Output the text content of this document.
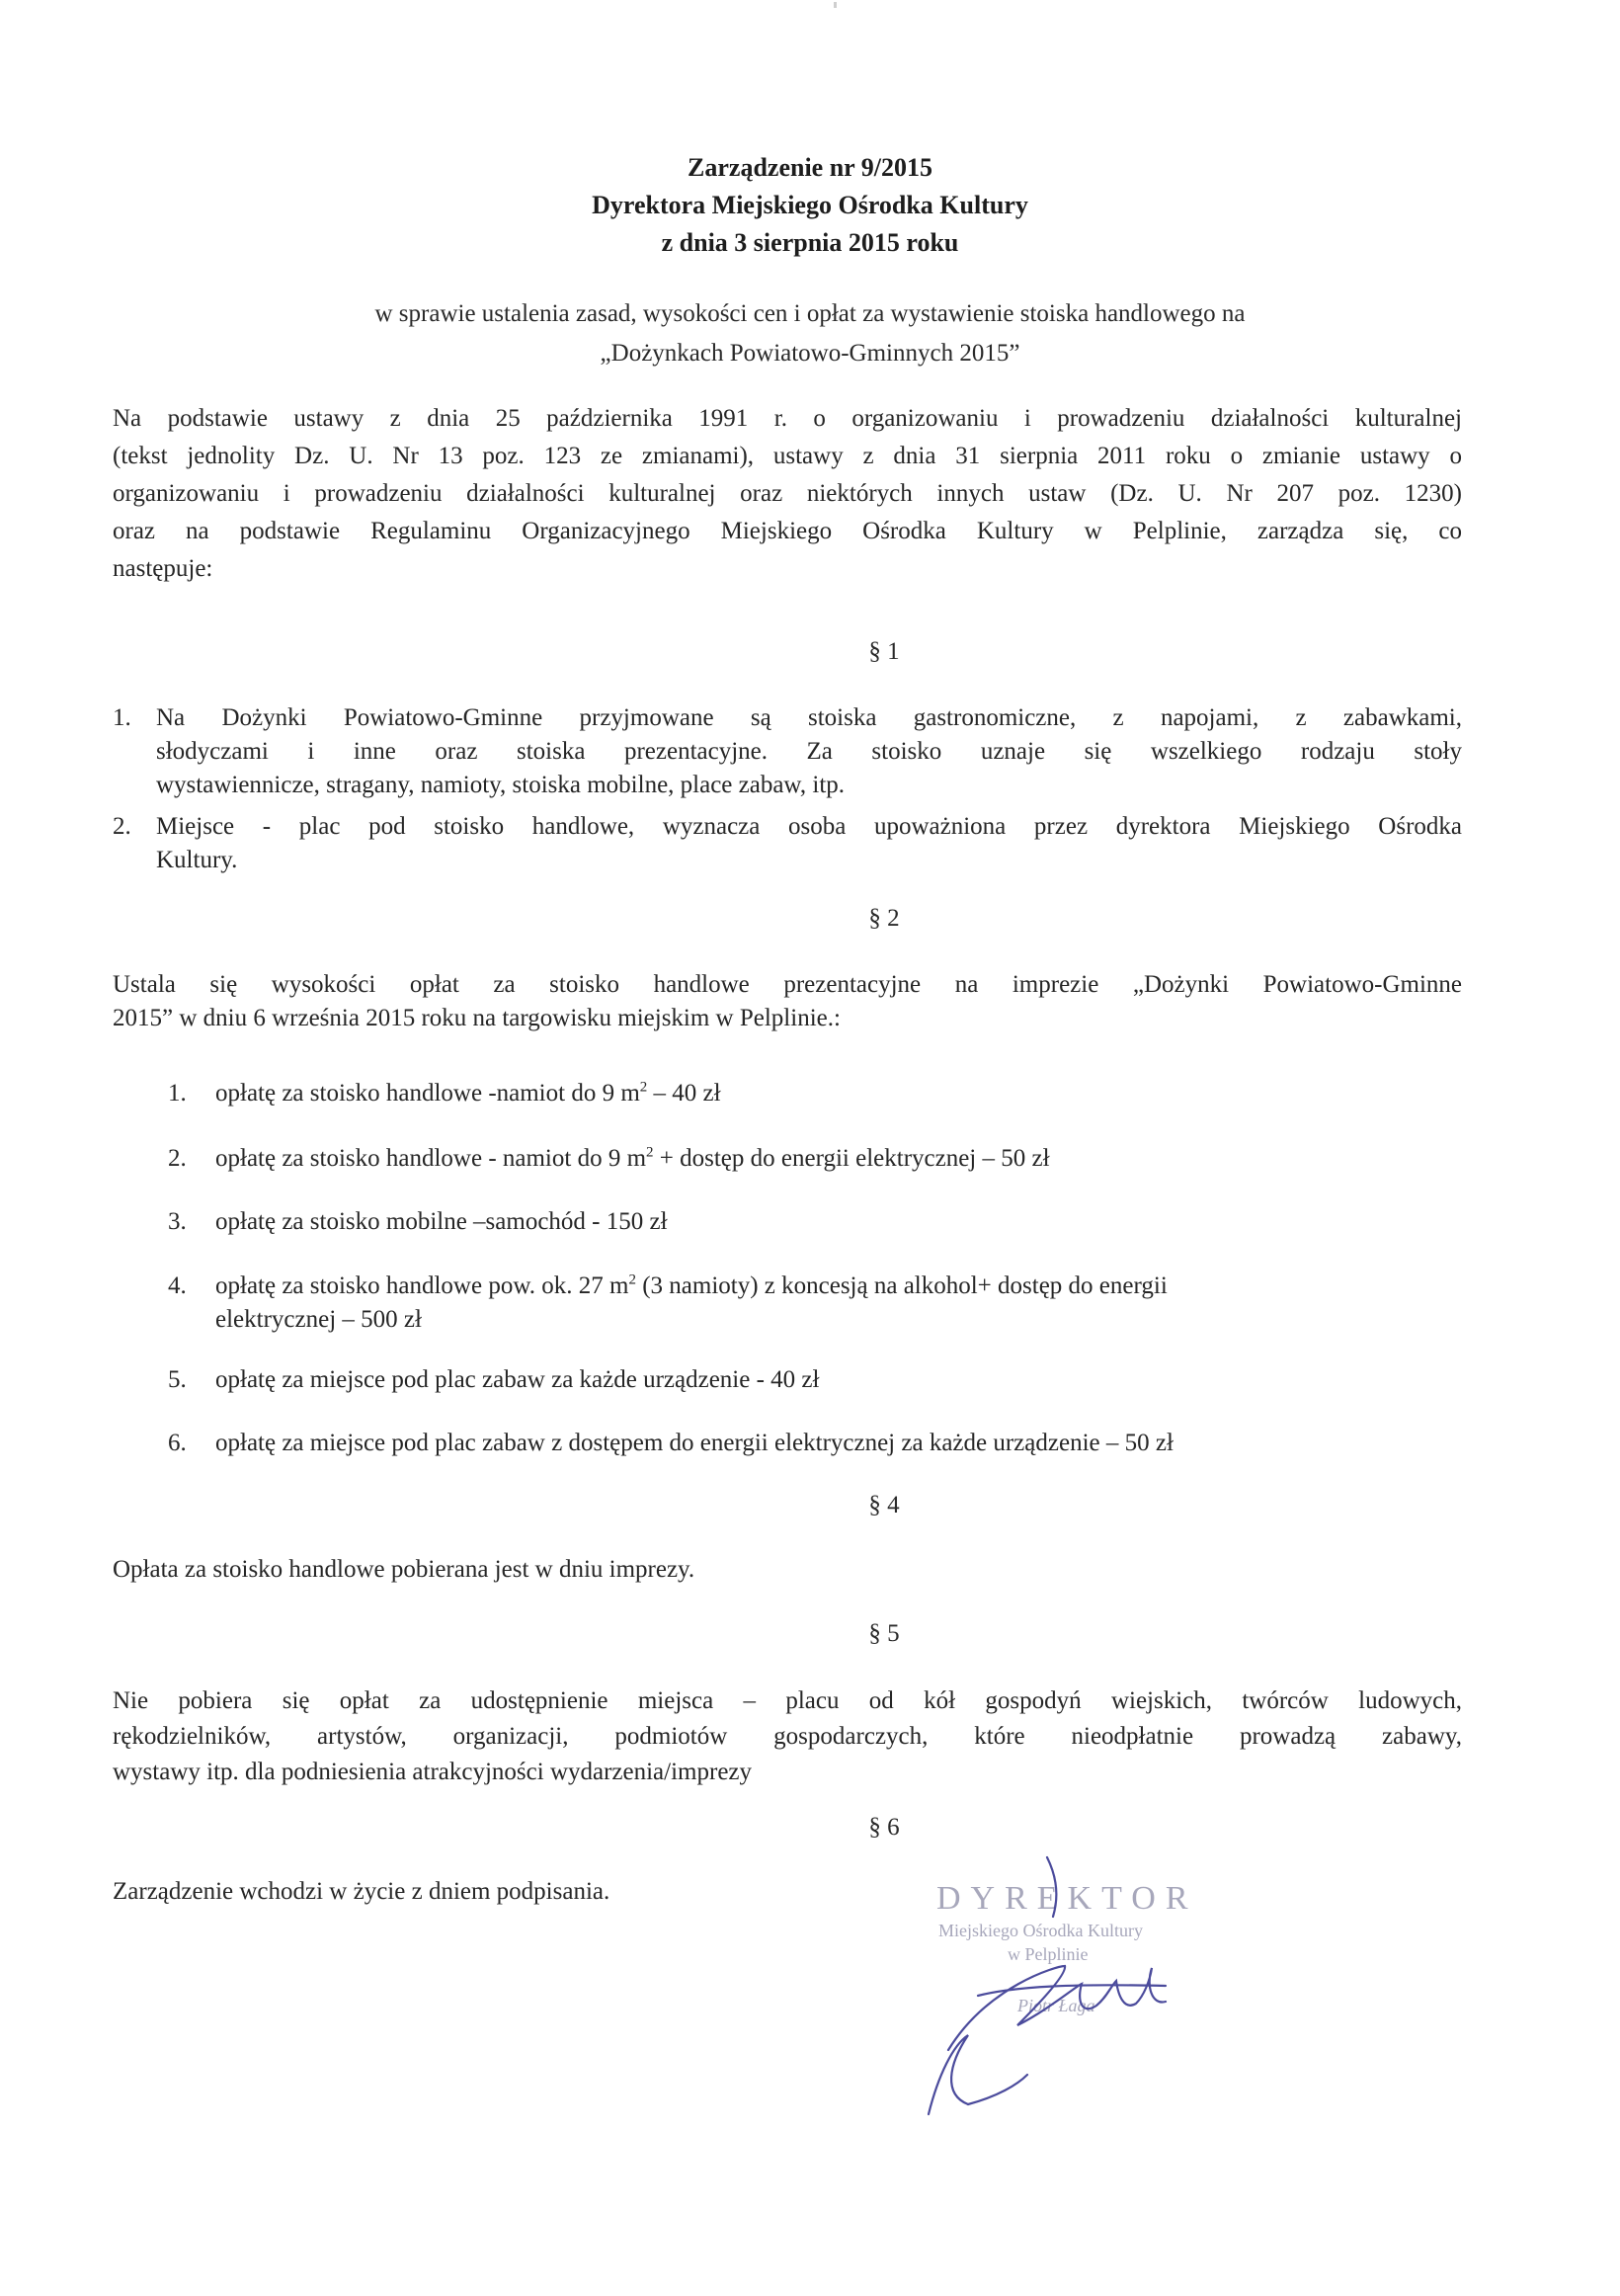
Zarządzenie nr 9/2015
Dyrektora Miejskiego Ośrodka Kultury
z dnia 3 sierpnia 2015 roku
w sprawie ustalenia zasad, wysokości cen i opłat za wystawienie stoiska handlowego na
„Dożynkach Powiatowo-Gminnych 2015”
Na podstawie ustawy z dnia 25 października 1991 r. o organizowaniu i prowadzeniu działalności kulturalnej
(tekst jednolity Dz. U. Nr 13 poz. 123 ze zmianami), ustawy z dnia 31 sierpnia 2011 roku o zmianie ustawy o
organizowaniu i prowadzeniu działalności kulturalnej oraz niektórych innych ustaw (Dz. U. Nr 207 poz. 1230)
oraz na podstawie Regulaminu Organizacyjnego Miejskiego Ośrodka Kultury w Pelplinie, zarządza się, co
następuje:
§ 1
1. Na Dożynki Powiatowo-Gminne przyjmowane są stoiska gastronomiczne, z napojami, z zabawkami,
słodyczami i inne oraz stoiska prezentacyjne. Za stoisko uznaje się wszelkiego rodzaju stoły
wystawiennicze, stragany, namioty, stoiska mobilne, place zabaw, itp.
2. Miejsce - plac pod stoisko handlowe, wyznacza osoba upoważniona przez dyrektora Miejskiego Ośrodka
Kultury.
§ 2
Ustala się wysokości opłat za stoisko handlowe prezentacyjne na imprezie „Dożynki Powiatowo-Gminne
2015” w dniu 6 września 2015 roku na targowisku miejskim w Pelplinie.:
1. opłatę za stoisko handlowe -namiot do 9 $m^2 - 40$ zł
2. opłatę za stoisko handlowe - namiot do 9 $m^2$ + dostęp do energii elektrycznej – 50 zł
3. opłatę za stoisko mobilne –samochód - 150 zł
4. opłatę za stoisko handlowe pow. ok. 27 $m^2$ (3 namioty) z koncesją na alkohol+ dostęp do energii
elektrycznej – 500 zł
5. opłatę za miejsce pod plac zabaw za każde urządzenie - 40 zł
6. opłatę za miejsce pod plac zabaw z dostępem do energii elektrycznej za każde urządzenie – 50 zł
§ 4
Opłata za stoisko handlowe pobierana jest w dniu imprezy.
§ 5
Nie pobiera się opłat za udostępnienie miejsca – placu od kół gospodyń wiejskich, twórców ludowych,
rękodzielników, artystów, organizacji, podmiotów gospodarczych, które nieodpłatnie prowadzą zabawy,
wystawy itp. dla podniesienia atrakcyjności wydarzenia/imprezy
§ 6
Zarządzenie wchodzi w życie z dniem podpisania.	DYREKTOR
Miejskiego Ośrodka Kultury
w Pelplinie
Piotr Łaga
